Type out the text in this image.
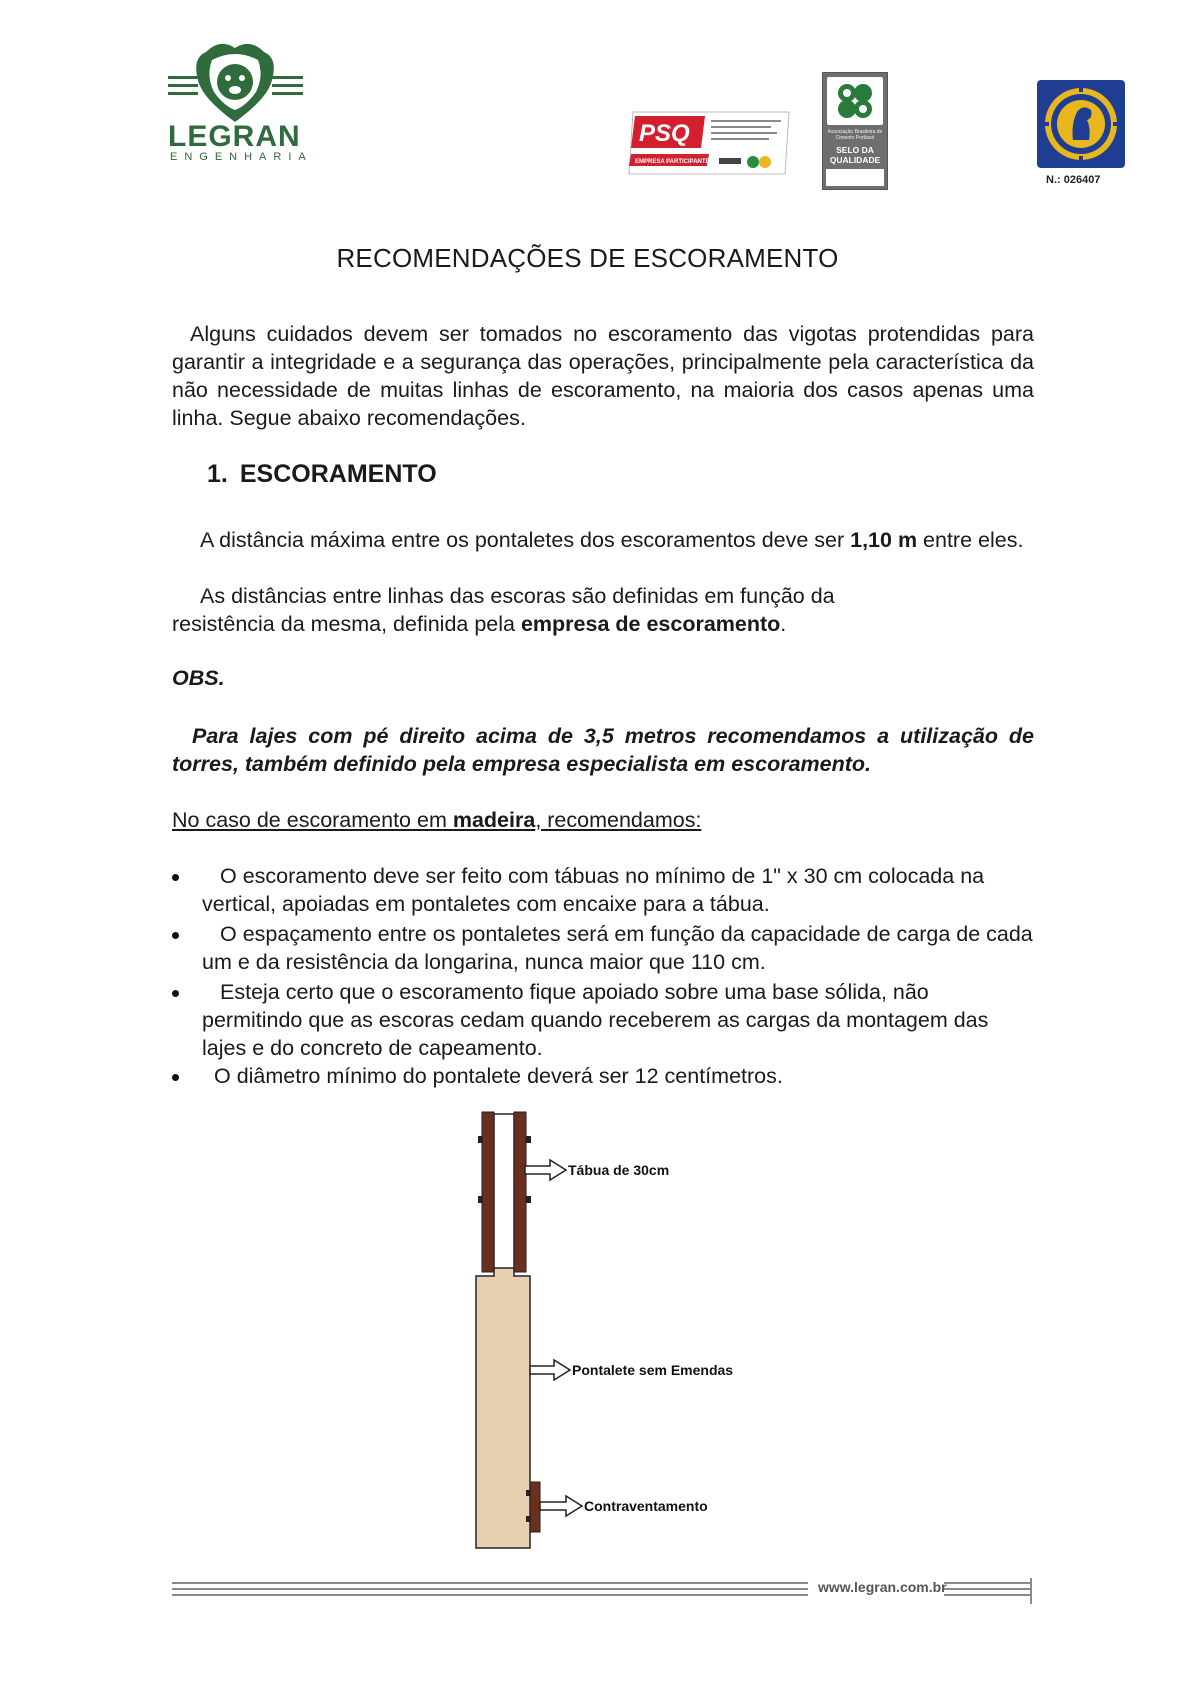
LEGRAN
ENGENHARIA
PSQ
EMPRESA PARTICIPANTE
Associação Brasileira de Cimento Portland
SELO DA QUALIDADE
N.: 026407
RECOMENDAÇÕES DE ESCORAMENTO
Alguns cuidados devem ser tomados no escoramento das vigotas protendidas para garantir a integridade e a segurança das operações, principalmente pela característica da não necessidade de muitas linhas de escoramento, na maioria dos casos apenas uma linha. Segue abaixo recomendações.
1. ESCORAMENTO
A distância máxima entre os pontaletes dos escoramentos deve ser 1,10 m entre eles.
As distâncias entre linhas das escoras são definidas em função da resistência da mesma, definida pela empresa de escoramento.
OBS.
Para lajes com pé direito acima de 3,5 metros recomendamos a utilização de torres, também definido pela empresa especialista em escoramento.
No caso de escoramento em madeira, recomendamos:
O escoramento deve ser feito com tábuas no mínimo de 1" x 30 cm colocada na vertical, apoiadas em pontaletes com encaixe para a tábua.
O espaçamento entre os pontaletes será em função da capacidade de carga de cada um e da resistência da longarina, nunca maior que 110 cm.
Esteja certo que o escoramento fique apoiado sobre uma base sólida, não permitindo que as escoras cedam quando receberem as cargas da montagem das lajes e do concreto de capeamento.
O diâmetro mínimo do pontalete deverá ser 12 centímetros.
Tábua de 30cm
Pontalete sem Emendas
Contraventamento
www.legran.com.br
